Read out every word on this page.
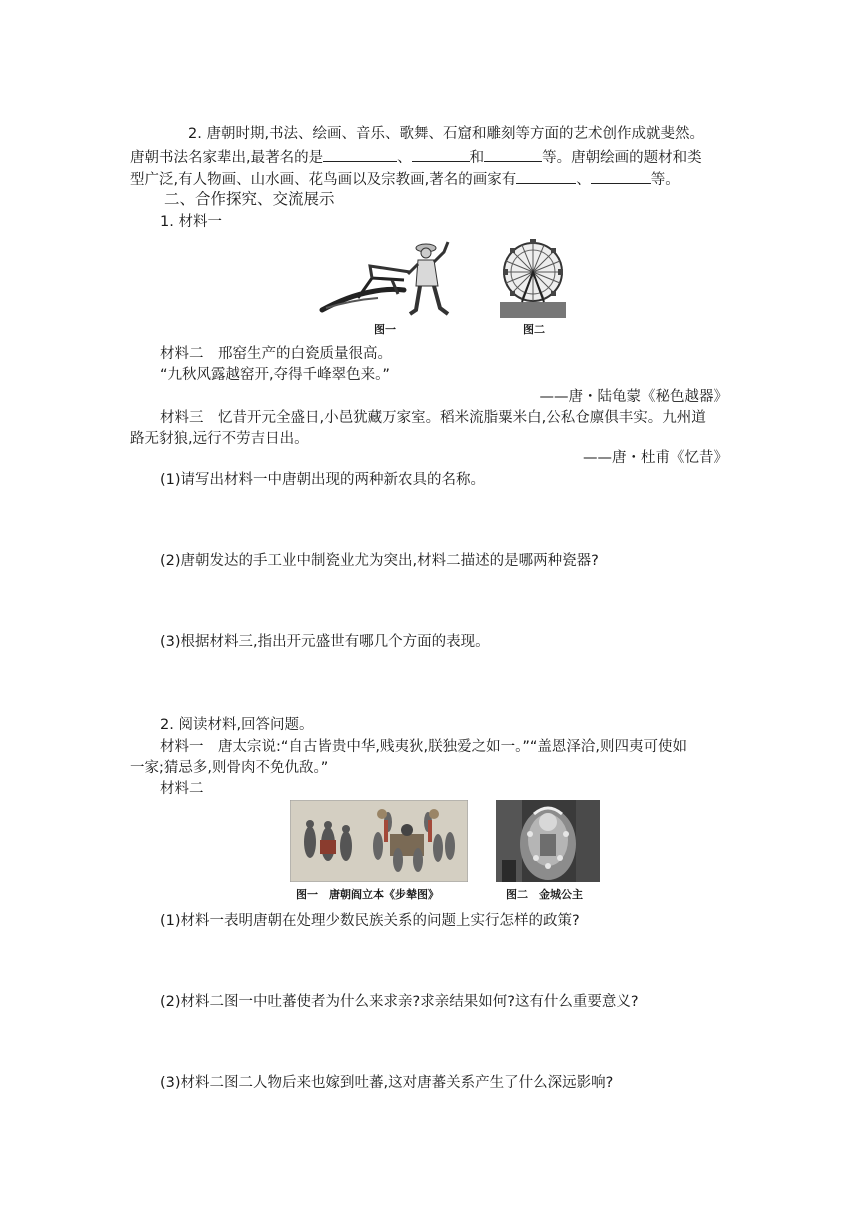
2. 唐朝时期,书法、绘画、音乐、歌舞、石窟和雕刻等方面的艺术创作成就斐然。
唐朝书法名家辈出,最著名的是	、	和	等。唐朝绘画的题材和类
型广泛,有人物画、山水画、花鸟画以及宗教画,著名的画家有	、	等。
二、合作探究、交流展示
1. 材料一
图一	图二
材料二　邢窑生产的白瓷质量很高。
“九秋风露越窑开,夺得千峰翠色来。”
——唐・陆龟蒙《秘色越器》
材料三　忆昔开元全盛日,小邑犹藏万家室。稻米流脂粟米白,公私仓廪俱丰实。九州道
路无豺狼,远行不劳吉日出。
——唐・杜甫《忆昔》
(1)请写出材料一中唐朝出现的两种新农具的名称。
(2)唐朝发达的手工业中制瓷业尤为突出,材料二描述的是哪两种瓷器?
(3)根据材料三,指出开元盛世有哪几个方面的表现。
2. 阅读材料,回答问题。
材料一　唐太宗说:“自古皆贵中华,贱夷狄,朕独爱之如一。”“盖恩泽洽,则四夷可使如
一家;猜忌多,则骨肉不免仇敌。”
材料二
图一　唐朝阎立本《步辇图》	图二　金城公主
(1)材料一表明唐朝在处理少数民族关系的问题上实行怎样的政策?
(2)材料二图一中吐蕃使者为什么来求亲?求亲结果如何?这有什么重要意义?
(3)材料二图二人物后来也嫁到吐蕃,这对唐蕃关系产生了什么深远影响?
